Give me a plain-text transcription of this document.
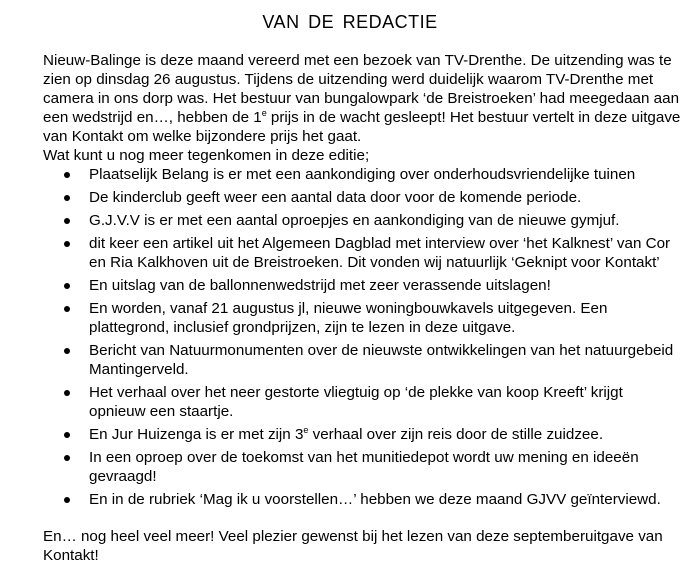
VAN DE REDACTIE

Nieuw-Balinge is deze maand vereerd met een bezoek van TV-Drenthe. De uitzending was te zien op dinsdag 26 augustus. Tijdens de uitzending werd duidelijk waarom TV-Drenthe met camera in ons dorp was. Het bestuur van bungalowpark ‘de Breistroeken’ had meegedaan aan een wedstrijd en…, hebben de 1e prijs in de wacht gesleept! Het bestuur vertelt in deze uitgave van Kontakt om welke bijzondere prijs het gaat.
Wat kunt u nog meer tegenkomen in deze editie;

Plaatselijk Belang is er met een aankondiging over onderhoudsvriendelijke tuinen
De kinderclub geeft weer een aantal data door voor de komende periode.
G.J.V.V is er met een aantal oproepjes en aankondiging van de nieuwe gymjuf.
dit keer een artikel uit het Algemeen Dagblad met interview over ‘het Kalknest’ van Cor en Ria Kalkhoven uit de Breistroeken. Dit vonden wij natuurlijk ‘Geknipt voor Kontakt’
En uitslag van de ballonnenwedstrijd met zeer verassende uitslagen!
En worden, vanaf 21 augustus jl, nieuwe woningbouwkavels uitgegeven. Een plattegrond, inclusief grondprijzen, zijn te lezen in deze uitgave.
Bericht van Natuurmonumenten over de nieuwste ontwikkelingen van het natuurgebeid Mantingerveld.
Het verhaal over het neer gestorte vliegtuig op ‘de plekke van koop Kreeft’ krijgt opnieuw een staartje.
En Jur Huizenga is er met zijn 3e verhaal over zijn reis door de stille zuidzee.
In een oproep over de toekomst van het munitiedepot wordt uw mening en ideeën gevraagd!
En in de rubriek ‘Mag ik u voorstellen…’ hebben we deze maand GJVV geïnterviewd.

En… nog heel veel meer! Veel plezier gewenst bij het lezen van deze septemberuitgave van Kontakt!
